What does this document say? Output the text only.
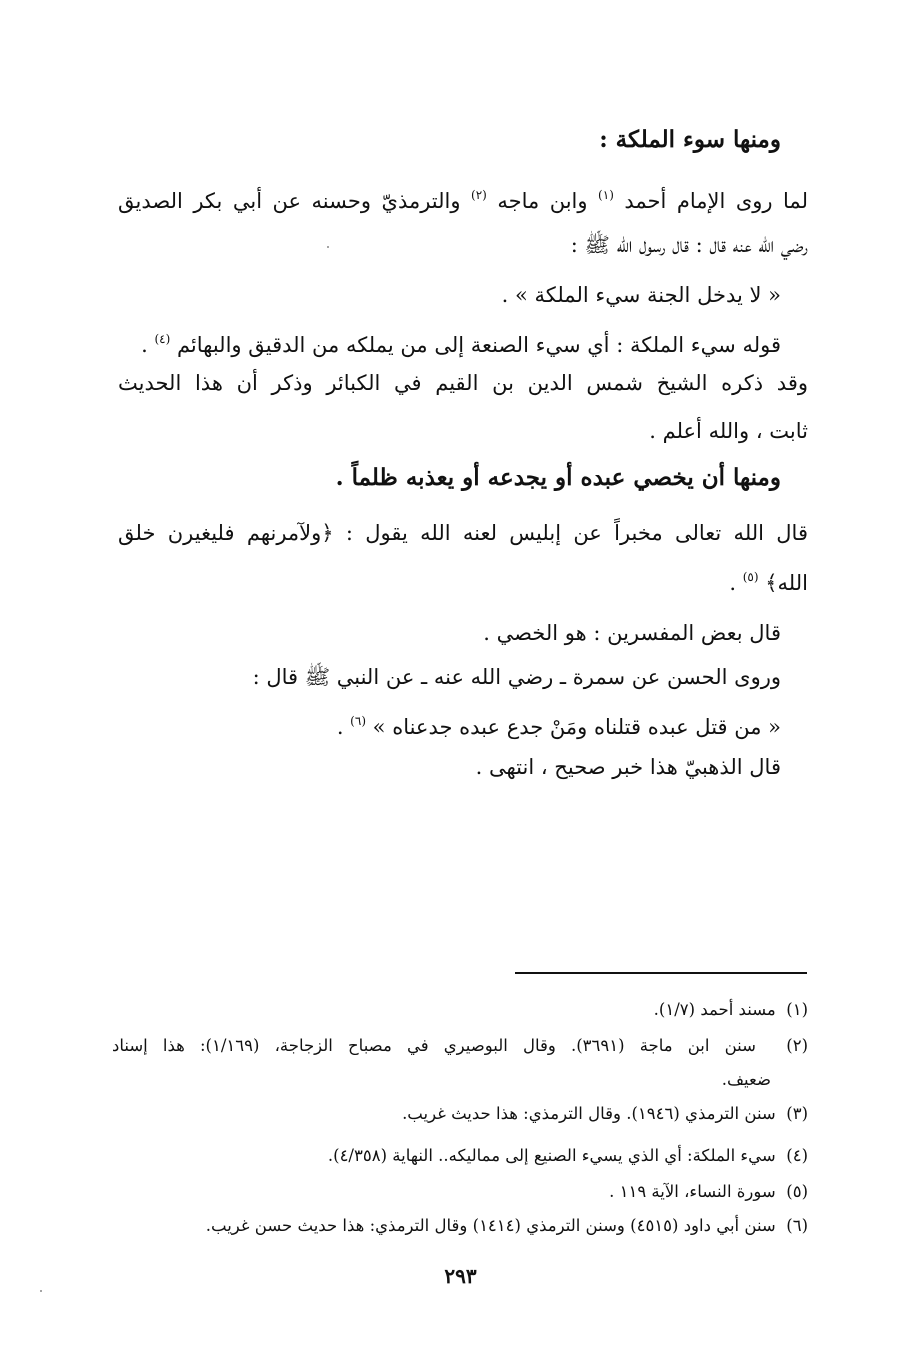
ومنها سوء الملكة :
لما روى الإمام أحمد $^{(١)}$ وابن ماجه $^{(٢)}$ والترمذيّ وحسنه عن أبي بكر الصديق
رضي الله عنه قال : قال رسول الله ﷺ :
« لا يدخل الجنة سيء الملكة » .
قوله سيء الملكة : أي سيء الصنعة إلى من يملكه من الدقيق والبهائم $^{(٤)}$ .
وقد ذكره الشيخ شمس الدين بن القيم في الكبائر وذكر أن هذا الحديث
ثابت ، والله أعلم .
ومنها أن يخصي عبده أو يجدعه أو يعذبه ظلماً .
قال الله تعالى مخبراً عن إبليس لعنه الله يقول : ﴿ولآمرنهم فليغيرن خلق
الله﴾ $^{(٥)}$ .
قال بعض المفسرين : هو الخصي .
وروى الحسن عن سمرة ـ رضي الله عنه ـ عن النبي ﷺ قال :
« من قتل عبده قتلناه ومَنْ جدع عبده جدعناه » $^{(٦)}$ .
قال الذهبيّ هذا خبر صحيح ، انتهى .
(١)  مسند أحمد (١/٧).
(٢)  سنن ابن ماجة (٣٦٩١). وقال البوصيري في مصباح الزجاجة، (١/١٦٩): هذا إسناد
ضعيف.
(٣)  سنن الترمذي (١٩٤٦). وقال الترمذي: هذا حديث غريب.
(٤)  سيء الملكة: أي الذي يسيء الصنيع إلى مماليكه.. النهاية (٤/٣٥٨).
(٥)  سورة النساء، الآية ١١٩ .
(٦)  سنن أبي داود (٤٥١٥) وسنن الترمذي (١٤١٤) وقال الترمذي: هذا حديث حسن غريب.
٢٩٣
